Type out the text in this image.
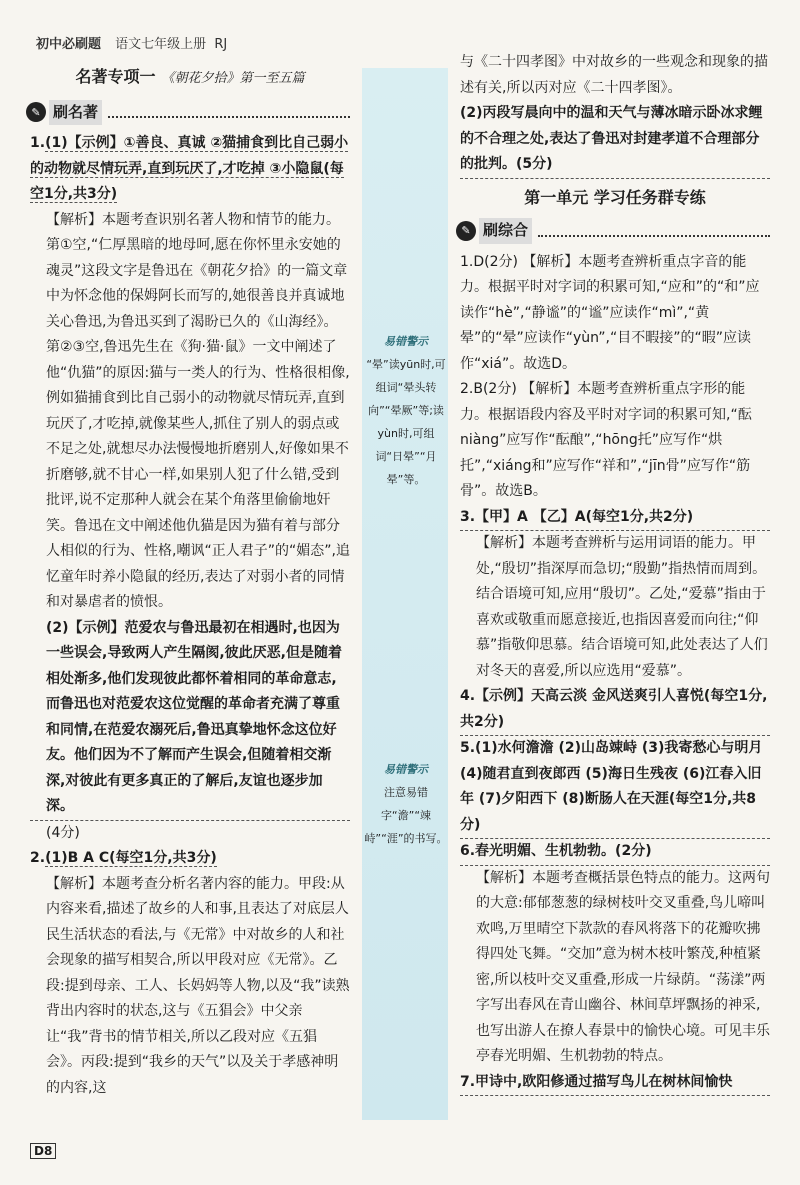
初中必刷题 语文七年级上册 RJ
名著专项一 《朝花夕拾》第一至五篇
✎ 刷名著

1.(1)【示例】①善良、真诚 ②猫捕食到比自己弱小的动物就尽情玩弄,直到玩厌了,才吃掉 ③小隐鼠(每空1分,共3分)

【解析】本题考查识别名著人物和情节的能力。第①空,“仁厚黑暗的地母呵,愿在你怀里永安她的魂灵”这段文字是鲁迅在《朝花夕拾》的一篇文章中为怀念他的保姆阿长而写的,她很善良并真诚地关心鲁迅,为鲁迅买到了渴盼已久的《山海经》。第②③空,鲁迅先生在《狗·猫·鼠》一文中阐述了他“仇猫”的原因:猫与一类人的行为、性格很相像,例如猫捕食到比自己弱小的动物就尽情玩弄,直到玩厌了,才吃掉,就像某些人,抓住了别人的弱点或不足之处,就想尽办法慢慢地折磨别人,好像如果不折磨够,就不甘心一样,如果别人犯了什么错,受到批评,说不定那种人就会在某个角落里偷偷地奸笑。鲁迅在文中阐述他仇猫是因为猫有着与部分人相似的行为、性格,嘲讽“正人君子”的“媚态”,追忆童年时养小隐鼠的经历,表达了对弱小者的同情和对暴虐者的愤恨。

(2)【示例】范爱农与鲁迅最初在相遇时,也因为一些误会,导致两人产生隔阂,彼此厌恶,但是随着相处渐多,他们发现彼此都怀着相同的革命意志,而鲁迅也对范爱农这位觉醒的革命者充满了尊重和同情,在范爱农溺死后,鲁迅真挚地怀念这位好友。他们因为不了解而产生误会,但随着相交渐深,对彼此有更多真正的了解后,友谊也逐步加深。

(4分)

2.(1)B A C(每空1分,共3分)

【解析】本题考查分析名著内容的能力。甲段:从内容来看,描述了故乡的人和事,且表达了对底层人民生活状态的看法,与《无常》中对故乡的人和社会现象的描写相契合,所以甲段对应《无常》。乙段:提到母亲、工人、长妈妈等人物,以及“我”读熟背出内容时的状态,这与《五猖会》中父亲让“我”背书的情节相关,所以乙段对应《五猖会》。丙段:提到“我乡的天气”以及关于孝感神明的内容,这

易错警示
“晕”读yūn时,可组词“晕头转向”“晕厥”等;读yùn时,可组词“日晕”“月晕”等。
易错警示
注意易错字“澹”“竦峙”“涯”的书写。

与《二十四孝图》中对故乡的一些观念和现象的描述有关,所以丙对应《二十四孝图》。

(2)丙段写晨向中的温和天气与薄冰暗示卧冰求鲤的不合理之处,表达了鲁迅对封建孝道不合理部分的批判。(5分)

第一单元 学习任务群专练
✎ 刷综合

1.D(2分) 【解析】本题考查辨析重点字音的能力。根据平时对字词的积累可知,“应和”的“和”应读作“hè”,“静谧”的“谧”应读作“mì”,“黄晕”的“晕”应读作“yùn”,“目不暇接”的“暇”应读作“xiá”。故选D。

2.B(2分) 【解析】本题考查辨析重点字形的能力。根据语段内容及平时对字词的积累可知,“酝 niàng”应写作“酝酿”,“hōng托”应写作“烘托”,“xiáng和”应写作“祥和”,“jīn骨”应写作“筋骨”。故选B。

3.【甲】A 【乙】A(每空1分,共2分)

【解析】本题考查辨析与运用词语的能力。甲处,“殷切”指深厚而急切;“殷勤”指热情而周到。结合语境可知,应用“殷切”。乙处,“爱慕”指由于喜欢或敬重而愿意接近,也指因喜爱而向往;“仰慕”指敬仰思慕。结合语境可知,此处表达了人们对冬天的喜爱,所以应选用“爱慕”。

4.【示例】天高云淡 金风送爽引人喜悦(每空1分,共2分)

5.(1)水何澹澹 (2)山岛竦峙 (3)我寄愁心与明月 (4)随君直到夜郎西 (5)海日生残夜 (6)江春入旧年 (7)夕阳西下 (8)断肠人在天涯(每空1分,共8分)

6.春光明媚、生机勃勃。(2分)

【解析】本题考查概括景色特点的能力。这两句的大意:郁郁葱葱的绿树枝叶交叉重叠,鸟儿啼叫欢鸣,万里晴空下款款的春风将落下的花瓣吹拂得四处飞舞。“交加”意为树木枝叶繁茂,种植紧密,所以枝叶交叉重叠,形成一片绿荫。“荡漾”两字写出春风在青山幽谷、林间草坪飘扬的神采,也写出游人在撩人春景中的愉快心境。可见丰乐亭春光明媚、生机勃勃的特点。

7.甲诗中,欧阳修通过描写鸟儿在树林间愉快

D8
